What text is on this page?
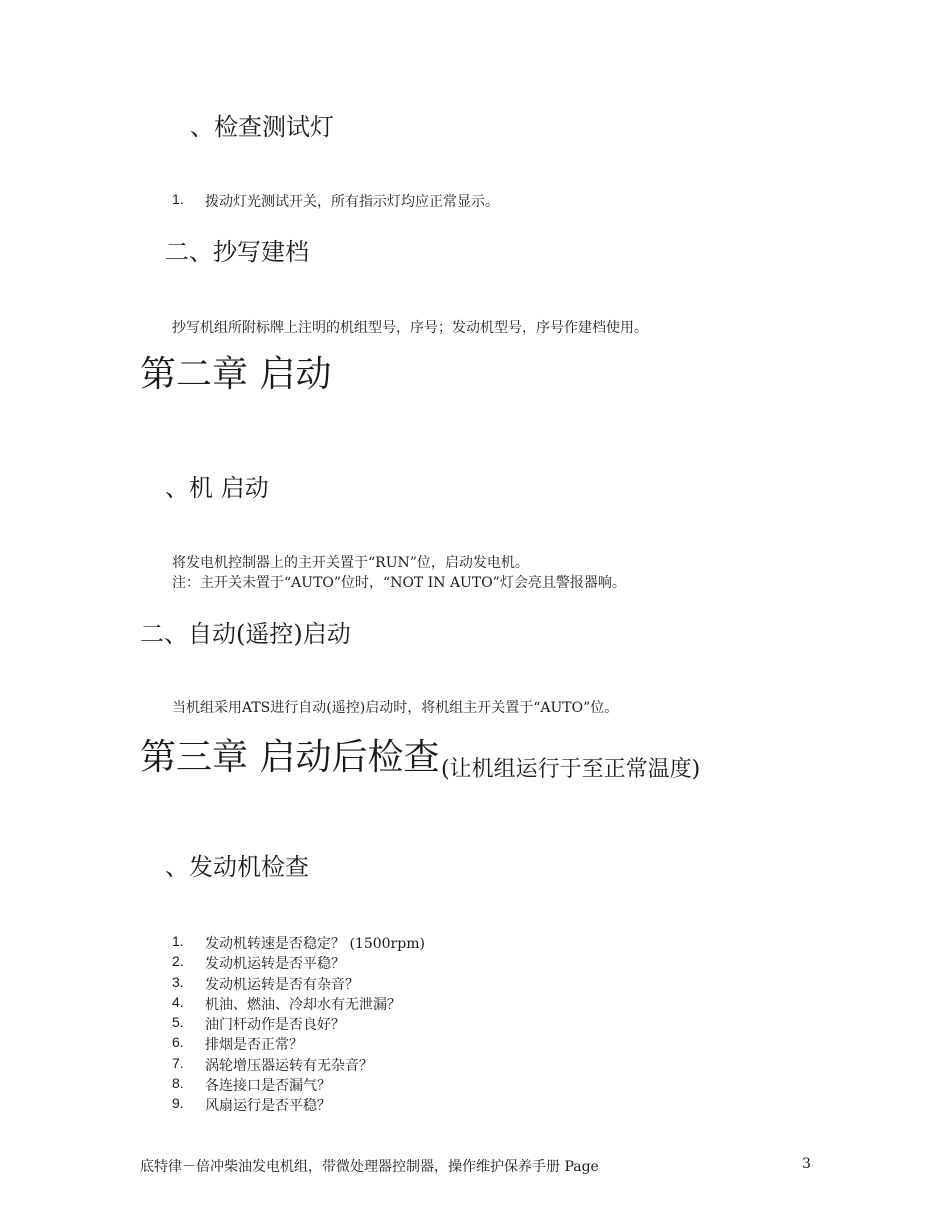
、检查测试灯
1. 拨动灯光测试开关，所有指示灯均应正常显示。
二、抄写建档
抄写机组所附标牌上注明的机组型号，序号；发动机型号，序号作建档使用。
第二章 启动
、机 启动
将发电机控制器上的主开关置于“RUN”位，启动发电机。
注：主开关未置于“AUTO”位时，“NOT IN AUTO”灯会亮且警报器响。
二、自动(遥控)启动
当机组采用ATS进行自动(遥控)启动时，将机组主开关置于“AUTO”位。
第三章 启动后检查 (让机组运行于至正常温度)
、发动机检查
1.	发动机转速是否稳定？ (1500rpm)
2.	发动机运转是否平稳？
3.	发动机运转是否有杂音？
4.	机油、燃油、冷却水有无泄漏？
5.	油门杆动作是否良好？
6.	排烟是否正常？
7.	涡轮增压器运转有无杂音？
8.	各连接口是否漏气？
9.	风扇运行是否平稳？
底特律－倍冲柴油发电机组，带微处理器控制器，操作维护保养手册 Page	3
